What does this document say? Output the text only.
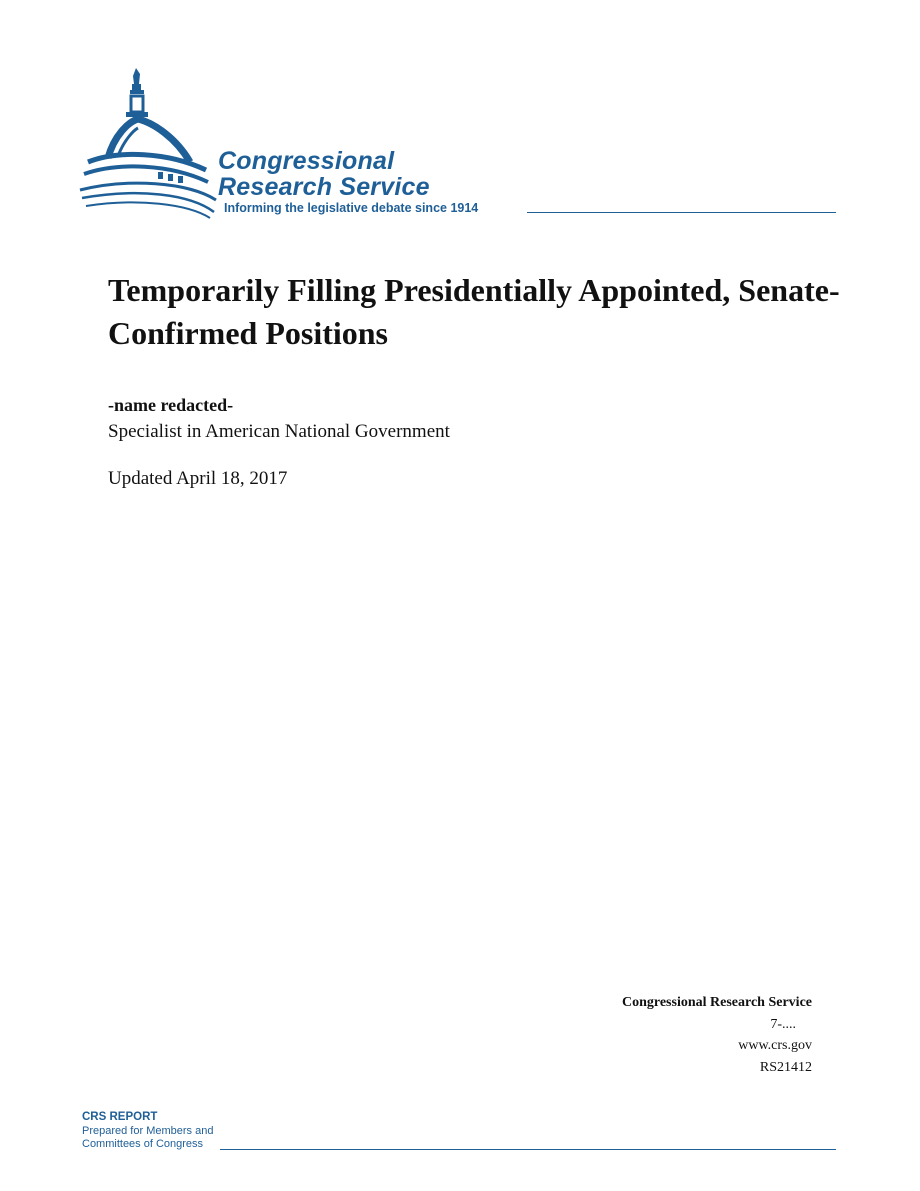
Congressional
Research Service
Informing the legislative debate since 1914
Temporarily Filling Presidentially Appointed, Senate-Confirmed Positions
-name redacted-
Specialist in American National Government
Updated April 18, 2017
Congressional Research Service
7-....
www.crs.gov
RS21412
CRS REPORT
Prepared for Members and
Committees of Congress
